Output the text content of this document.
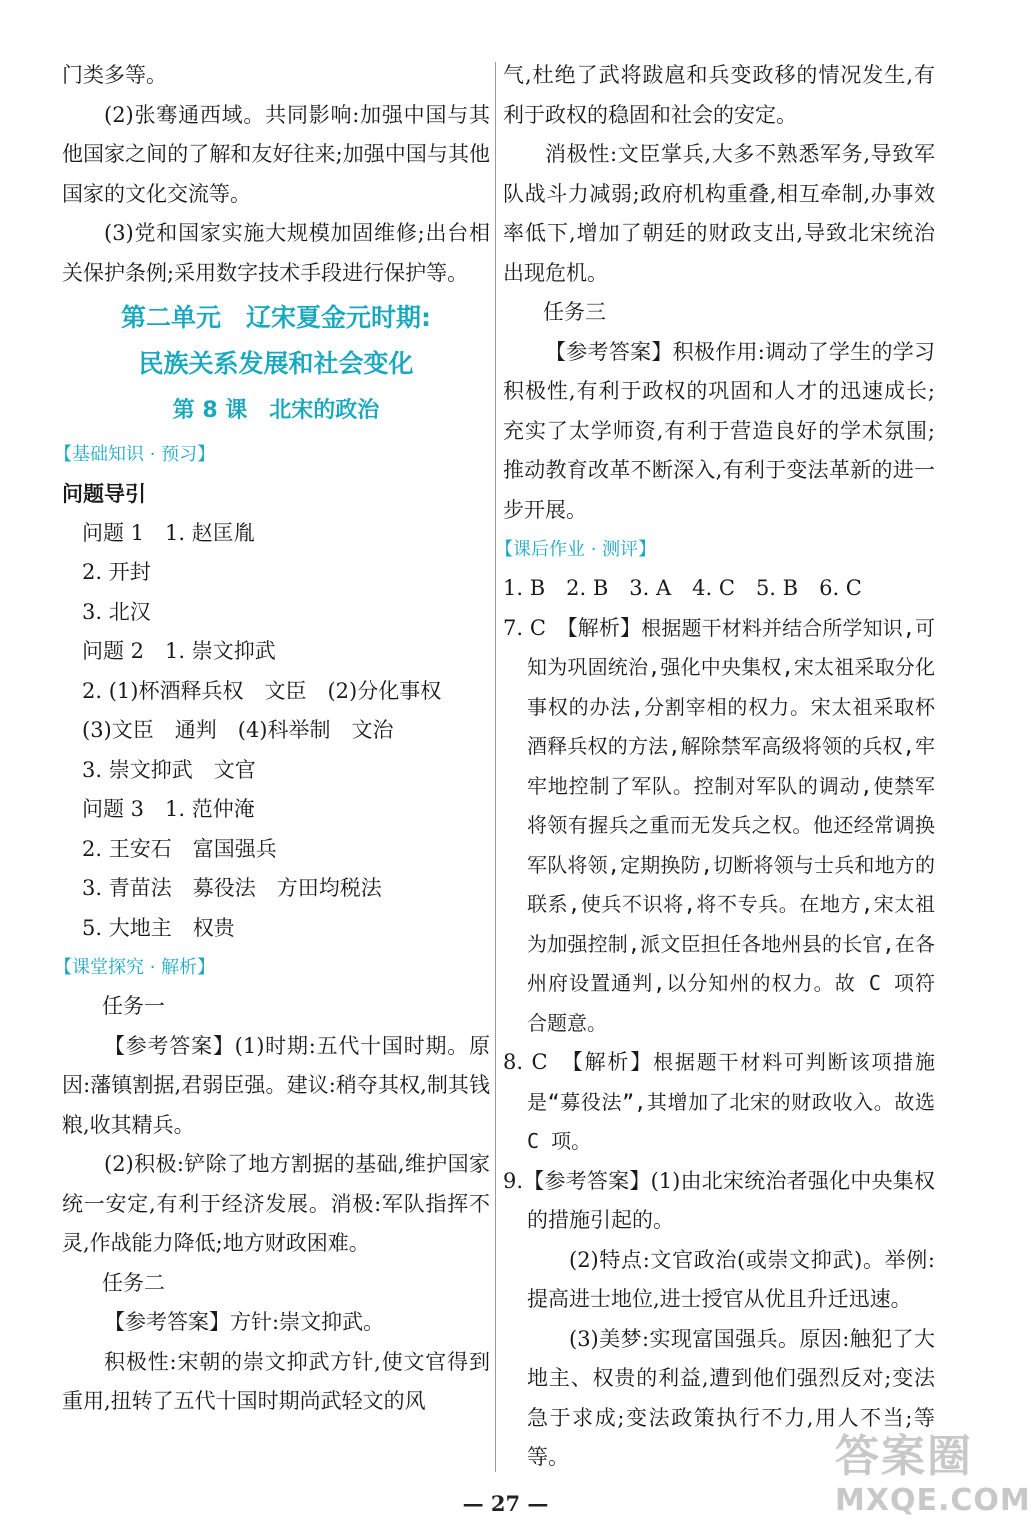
门类多等。

(2)张骞通西域。共同影响:加强中国与其他国家之间的了解和友好往来;加强中国与其他国家的文化交流等。

(3)党和国家实施大规模加固维修;出台相关保护条例;采用数字技术手段进行保护等。

第二单元　辽宋夏金元时期:
民族关系发展和社会变化
第 8 课　北宋的政治
【基础知识 · 预习】

问题导引

问题 1　1. 赵匡胤

2. 开封

3. 北汉

问题 2　1. 崇文抑武

2. (1)杯酒释兵权　文臣　(2)分化事权

(3)文臣　通判　(4)科举制　文治

3. 崇文抑武　文官

问题 3　1. 范仲淹

2. 王安石　富国强兵

3. 青苗法　募役法　方田均税法

5. 大地主　权贵

【课堂探究 · 解析】

任务一

【参考答案】(1)时期:五代十国时期。原因:藩镇割据,君弱臣强。建议:稍夺其权,制其钱粮,收其精兵。

(2)积极:铲除了地方割据的基础,维护国家统一安定,有利于经济发展。消极:军队指挥不灵,作战能力降低;地方财政困难。

任务二

【参考答案】方针:崇文抑武。

积极性:宋朝的崇文抑武方针,使文官得到重用,扭转了五代十国时期尚武轻文的风

气,杜绝了武将跋扈和兵变政移的情况发生,有利于政权的稳固和社会的安定。

消极性:文臣掌兵,大多不熟悉军务,导致军队战斗力减弱;政府机构重叠,相互牵制,办事效率低下,增加了朝廷的财政支出,导致北宋统治出现危机。

任务三

【参考答案】积极作用:调动了学生的学习积极性,有利于政权的巩固和人才的迅速成长;充实了太学师资,有利于营造良好的学术氛围;推动教育改革不断深入,有利于变法革新的进一步开展。

【课后作业 · 测评】

1. B　2. B　3. A　4. C　5. B　6. C

7. C　【解析】根据题干材料并结合所学知识,可知为巩固统治,强化中央集权,宋太祖采取分化事权的办法,分割宰相的权力。宋太祖采取杯酒释兵权的方法,解除禁军高级将领的兵权,牢牢地控制了军队。控制对军队的调动,使禁军将领有握兵之重而无发兵之权。他还经常调换军队将领,定期换防,切断将领与士兵和地方的联系,使兵不识将,将不专兵。在地方,宋太祖为加强控制,派文臣担任各地州县的长官,在各州府设置通判,以分知州的权力。故 C 项符合题意。

8. C　【解析】根据题干材料可判断该项措施是“募役法”,其增加了北宋的财政收入。故选 C 项。

9.【参考答案】(1)由北宋统治者强化中央集权的措施引起的。

(2)特点:文官政治(或崇文抑武)。举例:提高进士地位,进士授官从优且升迁迅速。

(3)美梦:实现富国强兵。原因:触犯了大地主、权贵的利益,遭到他们强烈反对;变法急于求成;变法政策执行不力,用人不当;等等。

— 27 —
答案圈
MXQE.COM
